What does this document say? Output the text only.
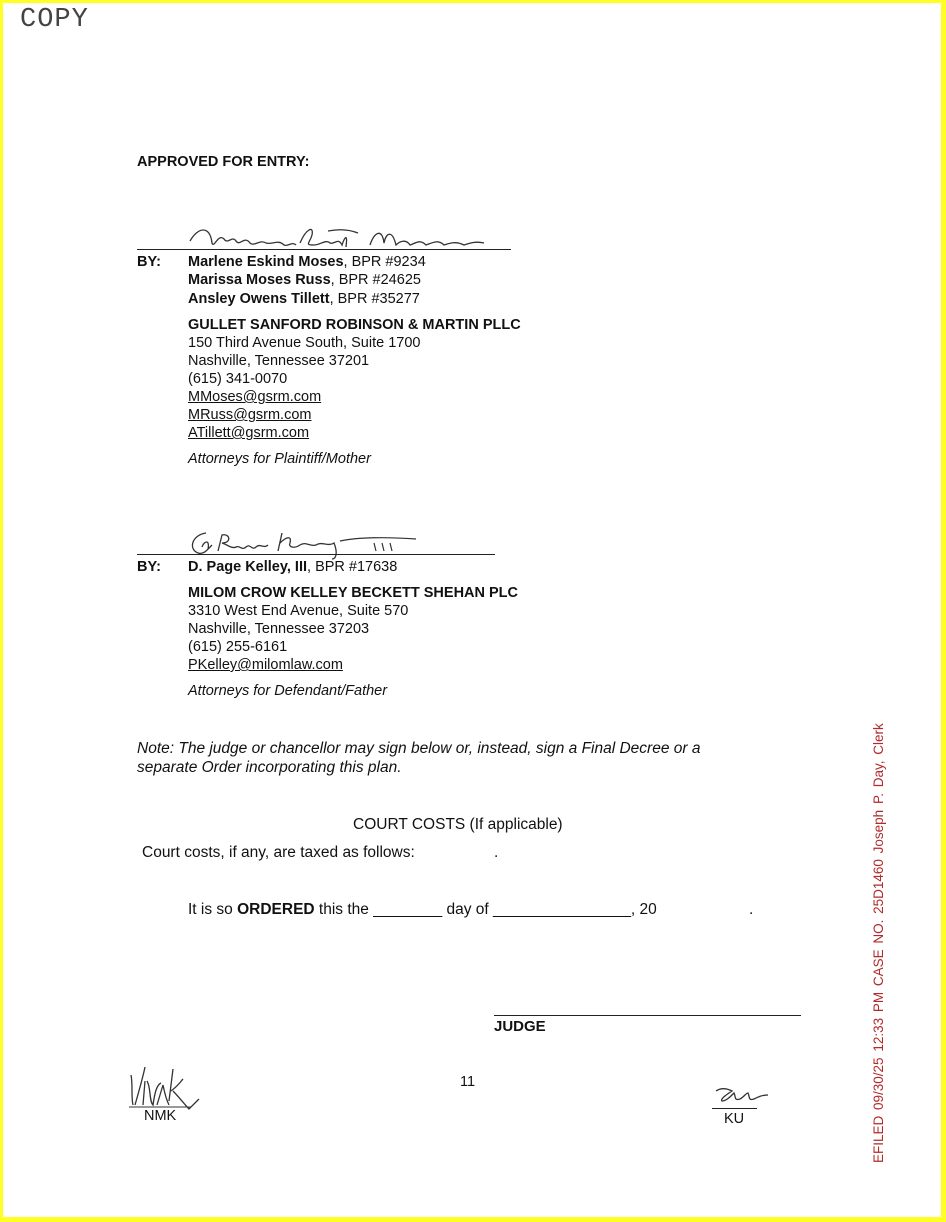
COPY
APPROVED FOR ENTRY:
BY: Marlene Eskind Moses, BPR #9234
Marissa Moses Russ, BPR #24625
Ansley Owens Tillett, BPR #35277
GULLET SANFORD ROBINSON & MARTIN PLLC
150 Third Avenue South, Suite 1700
Nashville, Tennessee 37201
(615) 341-0070
MMoses@gsrm.com
MRuss@gsrm.com
ATillett@gsrm.com
Attorneys for Plaintiff/Mother
BY: D. Page Kelley, III, BPR #17638
MILOM CROW KELLEY BECKETT SHEHAN PLC
3310 West End Avenue, Suite 570
Nashville, Tennessee 37203
(615) 255-6161
PKelley@milomlaw.com
Attorneys for Defendant/Father
Note: The judge or chancellor may sign below or, instead, sign a Final Decree or a
separate Order incorporating this plan.
COURT COSTS (If applicable)
Court costs, if any, are taxed as follows:	.
It is so ORDERED this the ________ day of ________________, 20	.
JUDGE
NMK
11
KU	EFILED 09/30/25 12:33 PM CASE NO. 25D1460 Joseph P. Day, Clerk
